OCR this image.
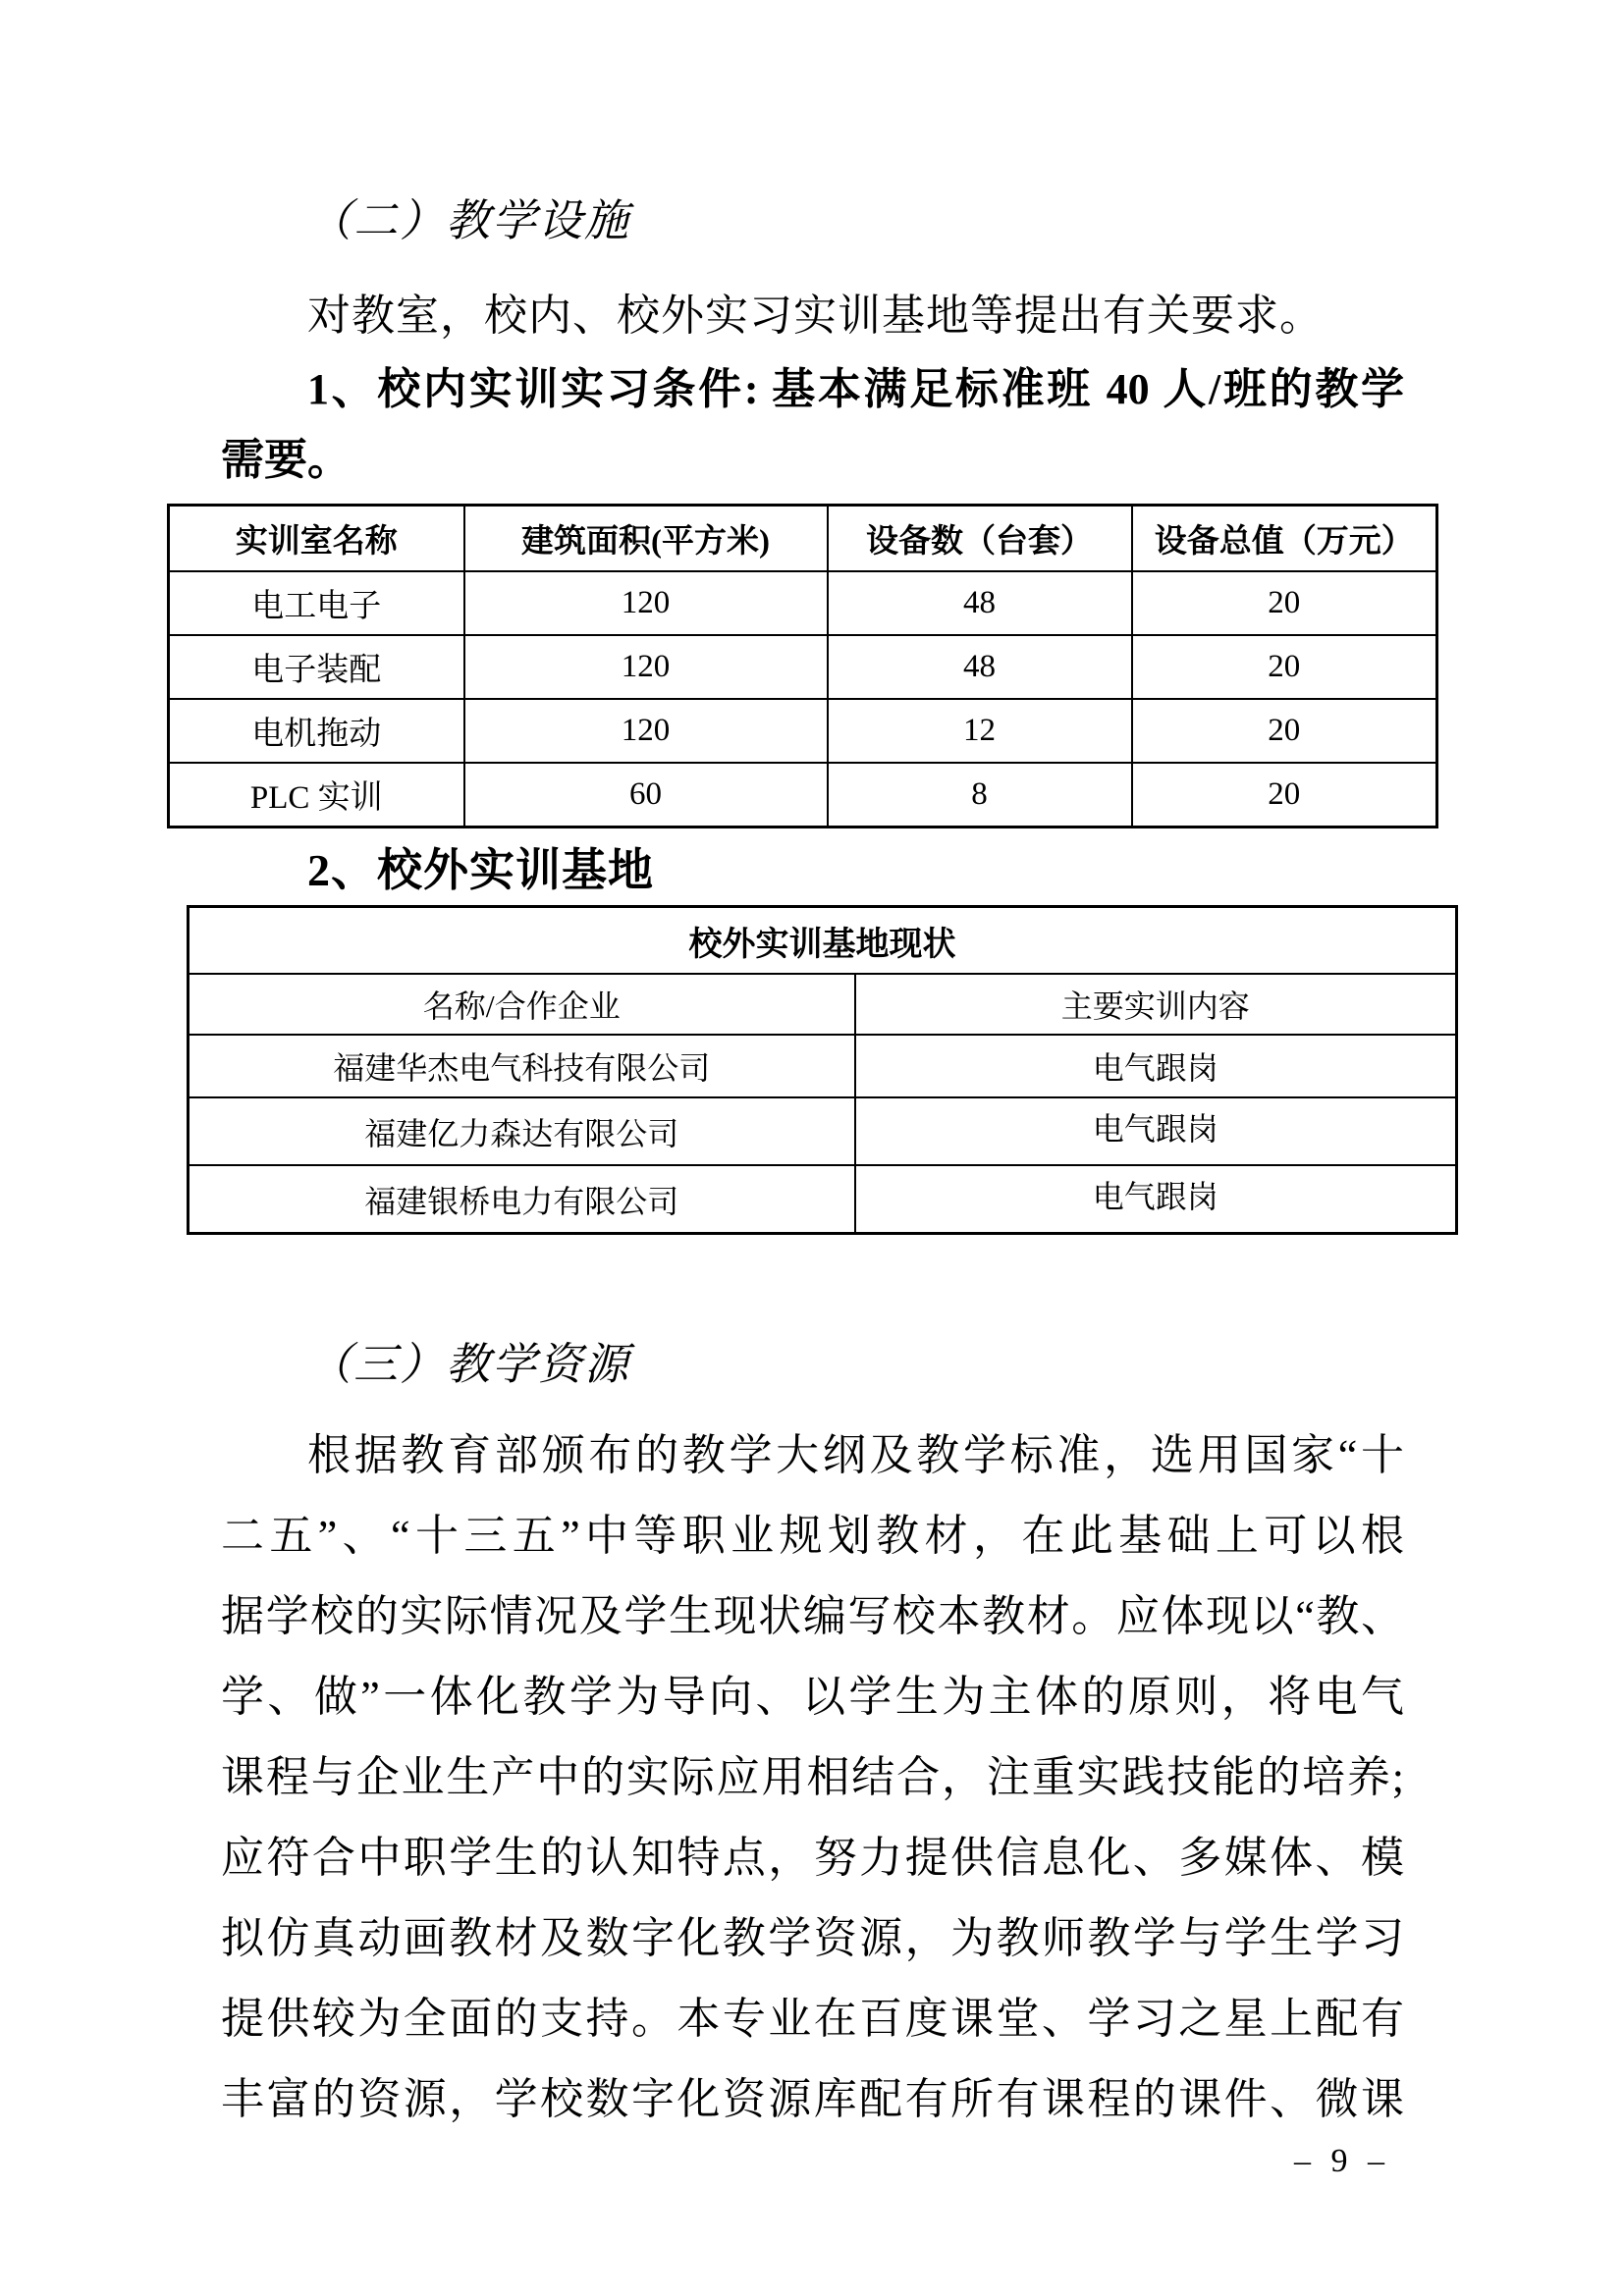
（二）教学设施
对教室，校内、校外实习实训基地等提出有关要求。
1、校内实训实习条件: 基本满足标准班 40 人/班的教学
需要。
实训室名称	建筑面积(平方米)	设备数（台套）	设备总值（万元）
电工电子	120	48	20
电子装配	120	48	20
电机拖动	120	12	20
PLC 实训	60	8	20
2、校外实训基地
校外实训基地现状	
名称/合作企业	主要实训内容
福建华杰电气科技有限公司	电气跟岗
福建亿力森达有限公司	电气跟岗
福建银桥电力有限公司	电气跟岗
（三）教学资源
根据教育部颁布的教学大纲及教学标准，选用国家“十
二五”、“十三五”中等职业规划教材，在此基础上可以根
据学校的实际情况及学生现状编写校本教材。应体现以“教、
学、做”一体化教学为导向、以学生为主体的原则，将电气
课程与企业生产中的实际应用相结合，注重实践技能的培养;
应符合中职学生的认知特点，努力提供信息化、多媒体、模
拟仿真动画教材及数字化教学资源，为教师教学与学生学习
提供较为全面的支持。本专业在百度课堂、学习之星上配有
丰富的资源，学校数字化资源库配有所有课程的课件、微课
– 9 –
